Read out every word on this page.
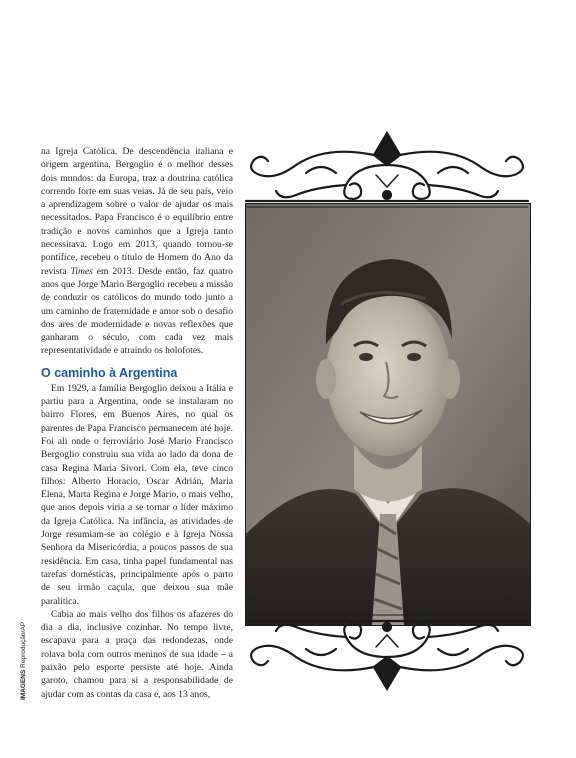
na Igreja Católica. De descendência italiana e origem argentina, Bergoglio é o melhor desses dois mundos: da Europa, traz a doutrina católica correndo forte em suas veias. Já de seu país, veio a aprendizagem sobre o valor de ajudar os mais necessitados. Papa Francisco é o equilíbrio entre tradição e novos caminhos que a Igreja tanto necessitava. Logo em 2013, quando tornou-se pontífice, recebeu o título de Homem do Ano da revista Times em 2013. Desde então, faz quatro anos que Jorge Mario Bergoglio recebeu a missão de conduzir os católicos do mundo todo junto a um caminho de fraternidade e amor sob o desafio dos ares de modernidade e novas reflexões que ganharam o século, com cada vez mais representatividade e atraindo os holofotes.

O caminho à Argentina

Em 1929, a família Bergoglio deixou a Itália e partiu para a Argentina, onde se instalaram no bairro Flores, em Buenos Aires, no qual os parentes de Papa Francisco permanecem até hoje. Foi ali onde o ferroviário José Mario Francisco Bergoglio construiu sua vida ao lado da dona de casa Regina Maria Sivori. Com ela, teve cinco filhos: Alberto Horacio, Oscar Adrián, Maria Elena, Marta Regina e Jorge Mario, o mais velho, que anos depois viria a se tornar o líder máximo da Igreja Católica. Na infância, as atividades de Jorge resumiam-se ao colégio e à Igreja Nossa Senhora da Misericórdia, a poucos passos de sua residência. Em casa, tinha papel fundamental nas tarefas domésticas, principalmente após o parto de seu irmão caçula, que deixou sua mãe paralítica.

Cabia ao mais velho dos filhos os afazeres do dia a dia, inclusive cozinhar. No tempo livre, escapava para a praça das redondezas, onde rolava bola com outros meninos de sua idade – a paixão pelo esporte persiste até hoje. Ainda garoto, chamou para si a responsabilidade de ajudar com as contas da casa e, aos 13 anos,

IMAGENS Reprodução/AP
